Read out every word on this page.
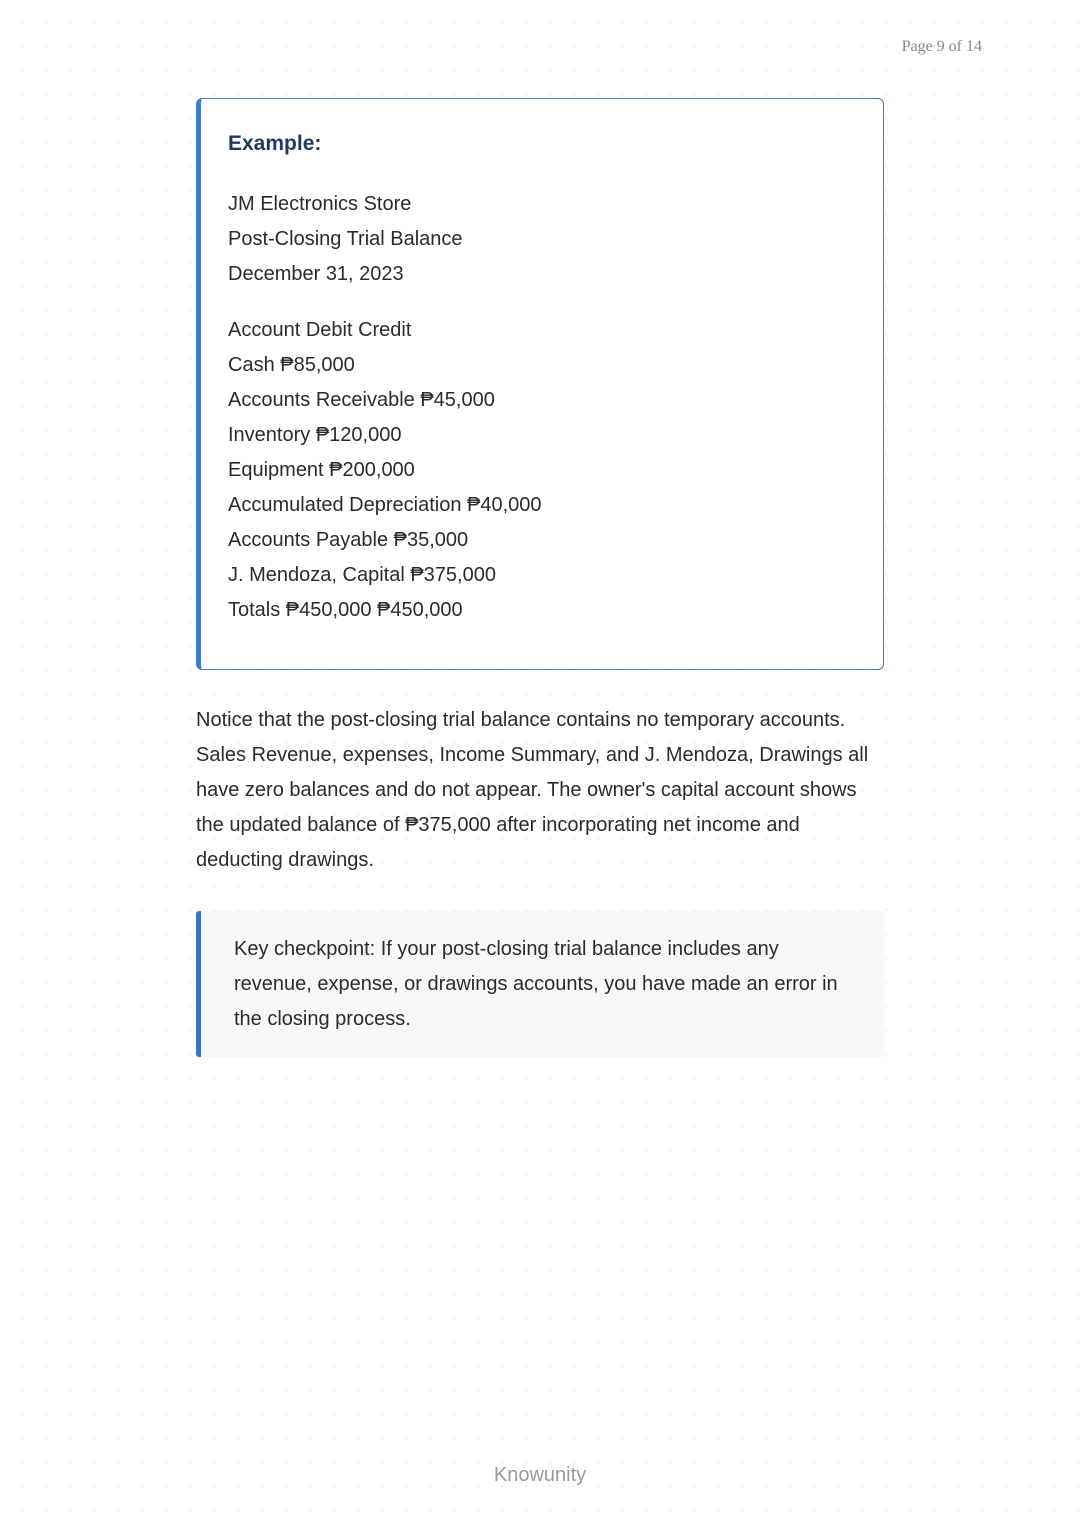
Page 9 of 14
Example:
JM Electronics Store
Post-Closing Trial Balance
December 31, 2023
Account Debit Credit
Cash ₱85,000
Accounts Receivable ₱45,000
Inventory ₱120,000
Equipment ₱200,000
Accumulated Depreciation ₱40,000
Accounts Payable ₱35,000
J. Mendoza, Capital ₱375,000
Totals ₱450,000 ₱450,000

Notice that the post-closing trial balance contains no temporary accounts. Sales Revenue, expenses, Income Summary, and J. Mendoza, Drawings all have zero balances and do not appear. The owner's capital account shows the updated balance of ₱375,000 after incorporating net income and deducting drawings.

Key checkpoint: If your post-closing trial balance includes any revenue, expense, or drawings accounts, you have made an error in the closing process.

Knowunity
